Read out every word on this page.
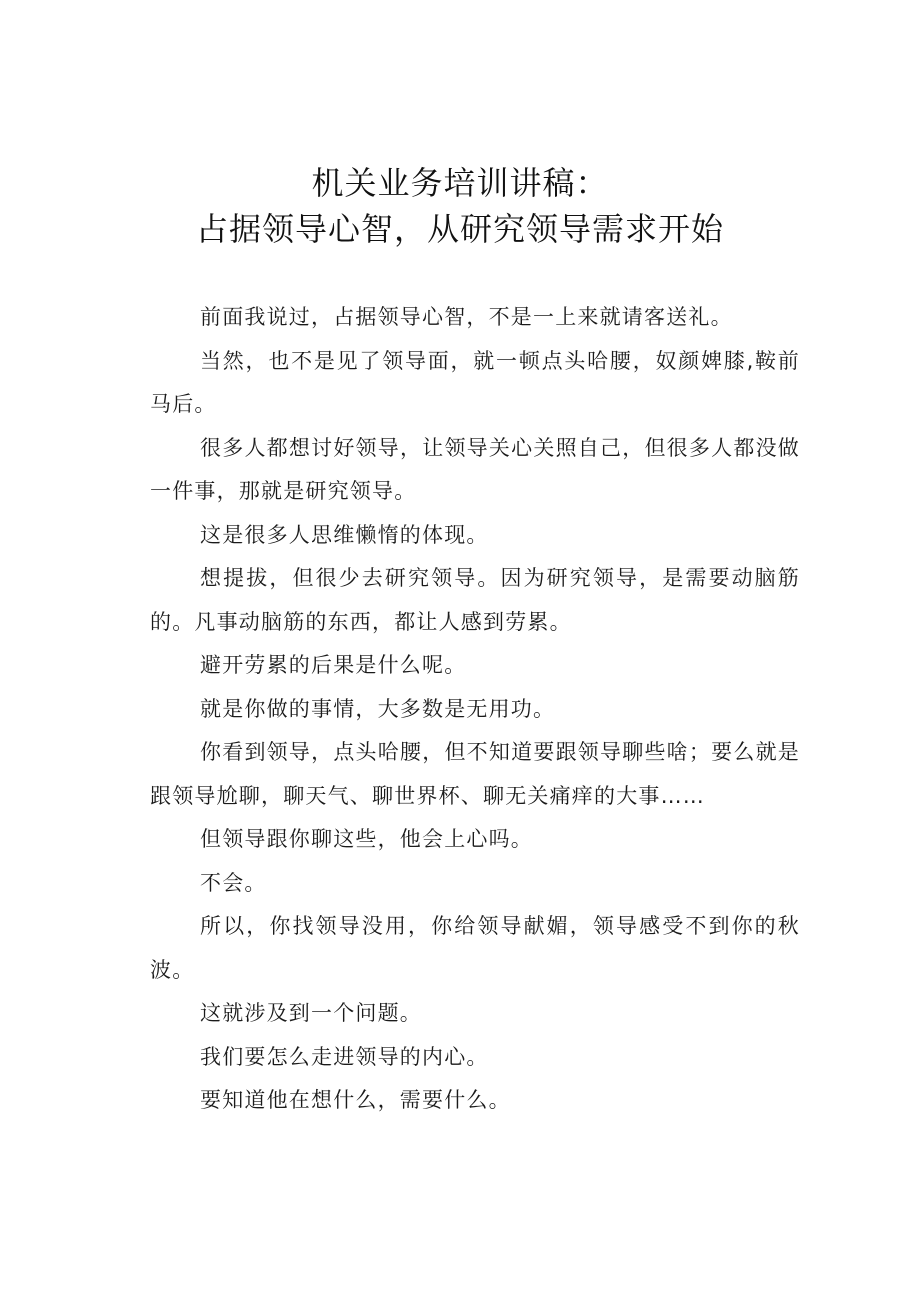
机关业务培训讲稿：
占据领导心智，从研究领导需求开始

前面我说过，占据领导心智，不是一上来就请客送礼。

当然，也不是见了领导面，就一顿点头哈腰，奴颜婢膝,鞍前马后。

很多人都想讨好领导，让领导关心关照自己，但很多人都没做一件事，那就是研究领导。

这是很多人思维懒惰的体现。

想提拔，但很少去研究领导。因为研究领导，是需要动脑筋的。凡事动脑筋的东西，都让人感到劳累。

避开劳累的后果是什么呢。

就是你做的事情，大多数是无用功。

你看到领导，点头哈腰，但不知道要跟领导聊些啥；要么就是跟领导尬聊，聊天气、聊世界杯、聊无关痛痒的大事……

但领导跟你聊这些，他会上心吗。

不会。

所以，你找领导没用，你给领导献媚，领导感受不到你的秋波。

这就涉及到一个问题。

我们要怎么走进领导的内心。

要知道他在想什么，需要什么。
